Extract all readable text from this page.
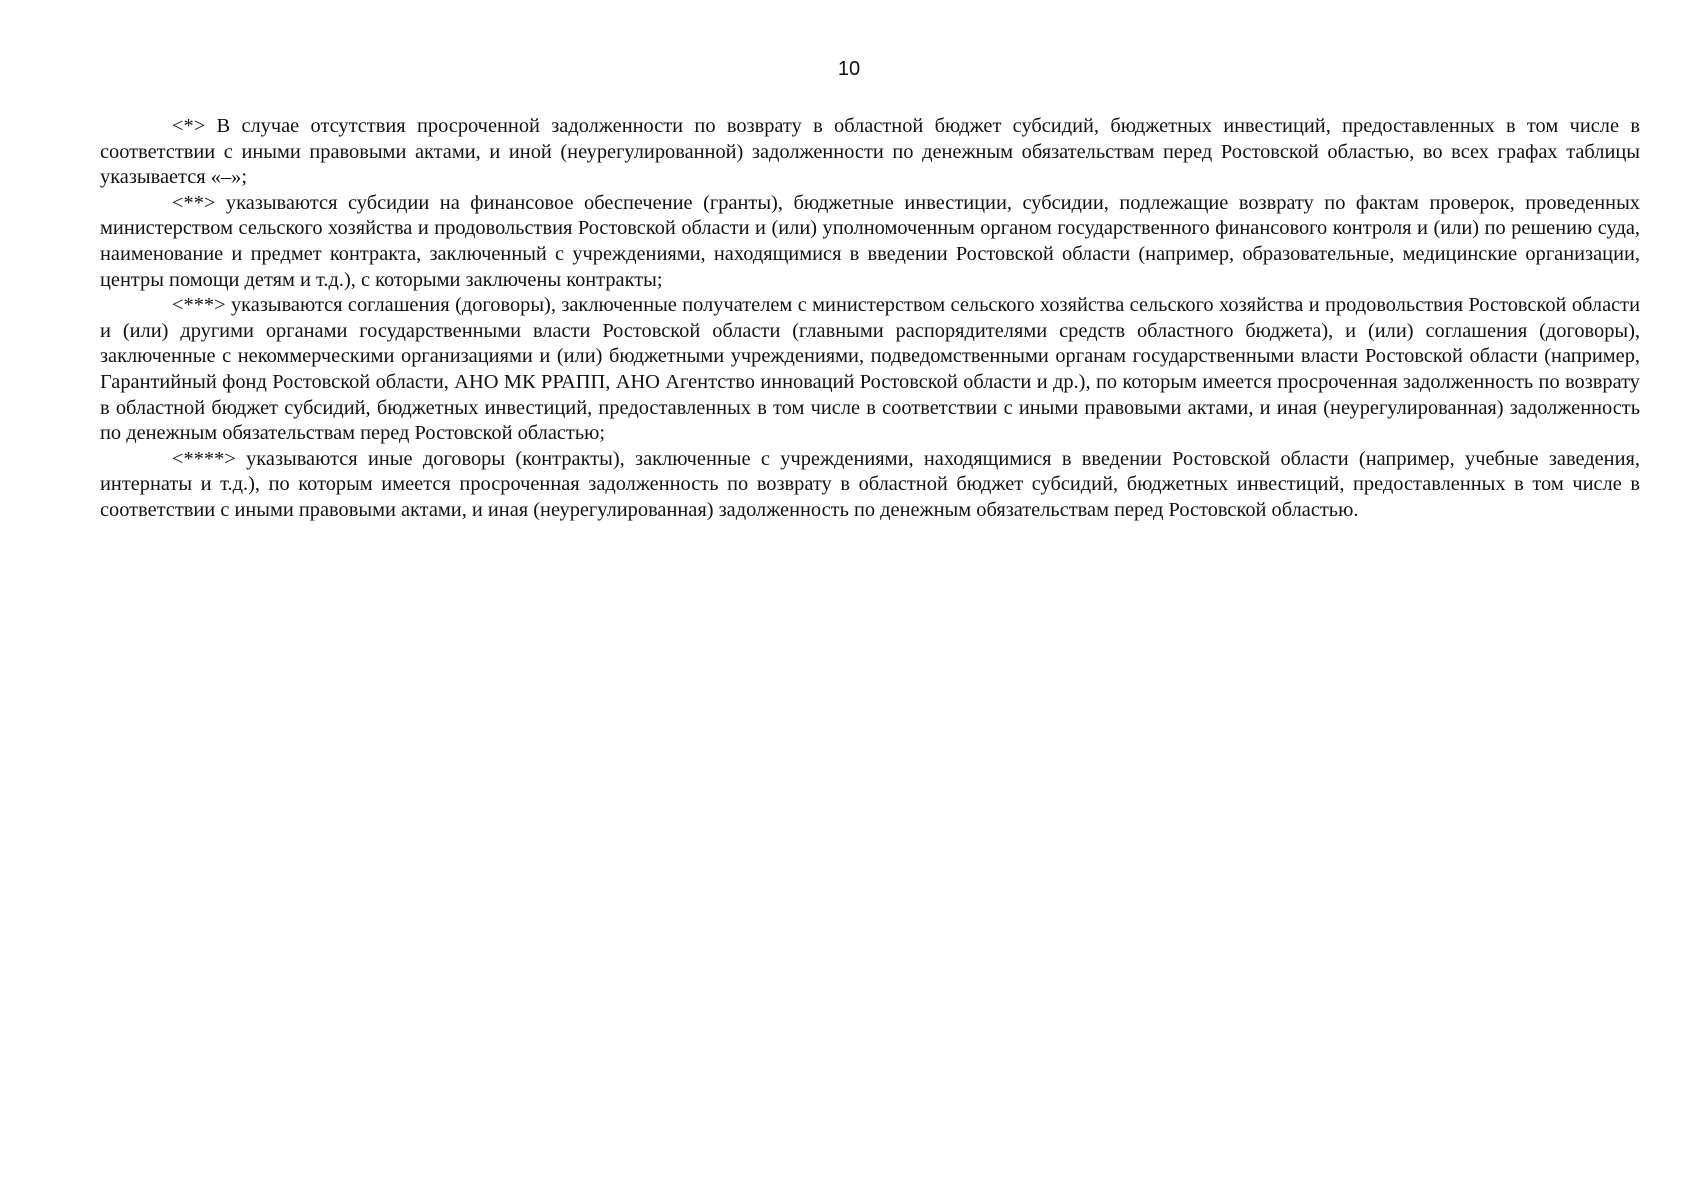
10

<*> В случае отсутствия просроченной задолженности по возврату в областной бюджет субсидий, бюджетных инвестиций, предоставленных в том числе в соответствии с иными правовыми актами, и иной (неурегулированной) задолженности по денежным обязательствам перед Ростовской областью, во всех графах таблицы указывается «–»;

<**> указываются субсидии на финансовое обеспечение (гранты), бюджетные инвестиции, субсидии, подлежащие возврату по фактам проверок, проведенных министерством сельского хозяйства и продовольствия Ростовской области и (или) уполномоченным органом государственного финансового контроля и (или) по решению суда, наименование и предмет контракта, заключенный с учреждениями, находящимися в введении Ростовской области (например, образовательные, медицинские организации, центры помощи детям и т.д.), с которыми заключены контракты;

<***> указываются соглашения (договоры), заключенные получателем с министерством сельского хозяйства сельского хозяйства и продовольствия Ростовской области и (или) другими органами государственными власти Ростовской области (главными распорядителями средств областного бюджета), и (или) соглашения (договоры), заключенные с некоммерческими организациями и (или) бюджетными учреждениями, подведомственными органам государственными власти Ростовской области (например, Гарантийный фонд Ростовской области, АНО МК РРАПП, АНО Агентство инноваций Ростовской области и др.), по которым имеется просроченная задолженность по возврату в областной бюджет субсидий, бюджетных инвестиций, предоставленных в том числе в соответствии с иными правовыми актами, и иная (неурегулированная) задолженность по денежным обязательствам перед Ростовской областью;

<****> указываются иные договоры (контракты), заключенные с учреждениями, находящимися в введении Ростовской области (например, учебные заведения, интернаты и т.д.), по которым имеется просроченная задолженность по возврату в областной бюджет субсидий, бюджетных инвестиций, предоставленных в том числе в соответствии с иными правовыми актами, и иная (неурегулированная) задолженность по денежным обязательствам перед Ростовской областью.
